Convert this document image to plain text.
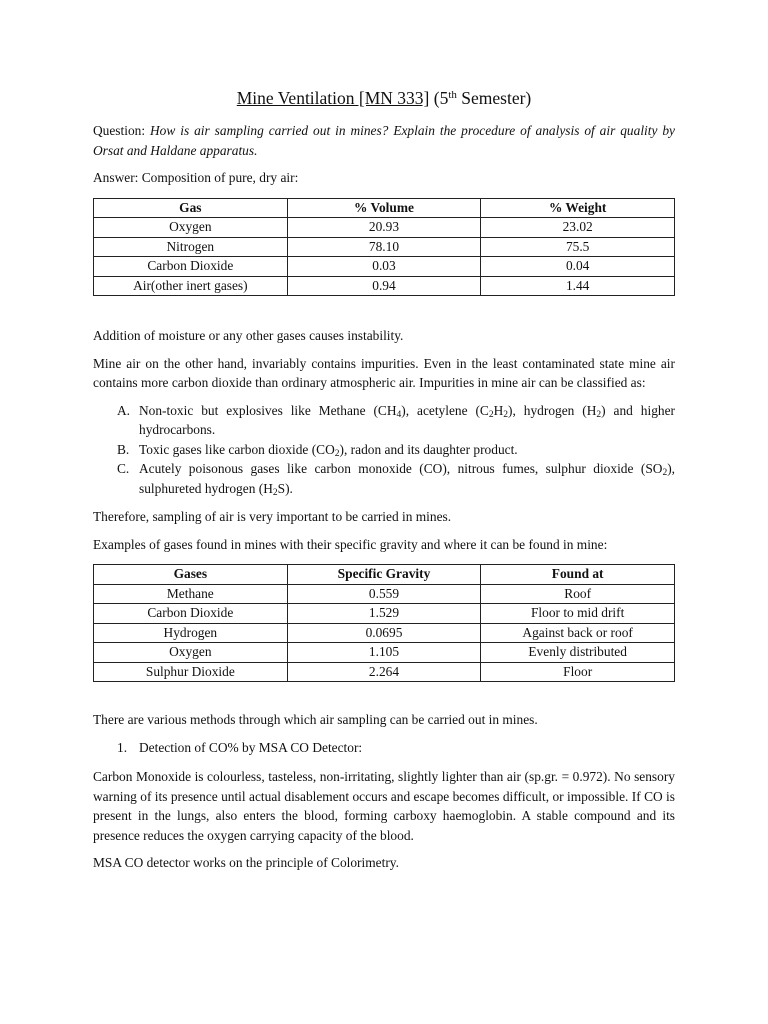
Mine Ventilation [MN 333] (5th Semester)

Question: How is air sampling carried out in mines? Explain the procedure of analysis of air quality by Orsat and Haldane apparatus.

Answer: Composition of pure, dry air:

Gas	% Volume	% Weight
Oxygen	20.93	23.02
Nitrogen	78.10	75.5
Carbon Dioxide	0.03	0.04
Air(other inert gases)	0.94	1.44

Addition of moisture or any other gases causes instability.

Mine air on the other hand, invariably contains impurities. Even in the least contaminated state mine air contains more carbon dioxide than ordinary atmospheric air. Impurities in mine air can be classified as:

A. Non-toxic but explosives like Methane $(CH_4)$, acetylene $(C_2H_2)$, hydrogen $(H_2)$ and higher hydrocarbons.
B. Toxic gases like carbon dioxide $(CO_2)$, radon and its daughter product.
C. Acutely poisonous gases like carbon monoxide (CO), nitrous fumes, sulphur dioxide $(SO_2)$, sulphureted hydrogen $(H_2S)$.

Therefore, sampling of air is very important to be carried in mines.

Examples of gases found in mines with their specific gravity and where it can be found in mine:

Gases	Specific Gravity	Found at
Methane	0.559	Roof
Carbon Dioxide	1.529	Floor to mid drift
Hydrogen	0.0695	Against back or roof
Oxygen	1.105	Evenly distributed
Sulphur Dioxide	2.264	Floor

There are various methods through which air sampling can be carried out in mines.

1. Detection of CO% by MSA CO Detector:

Carbon Monoxide is colourless, tasteless, non-irritating, slightly lighter than air (sp.gr. = 0.972). No sensory warning of its presence until actual disablement occurs and escape becomes difficult, or impossible. If CO is present in the lungs, also enters the blood, forming carboxy haemoglobin. A stable compound and its presence reduces the oxygen carrying capacity of the blood.

MSA CO detector works on the principle of Colorimetry.
